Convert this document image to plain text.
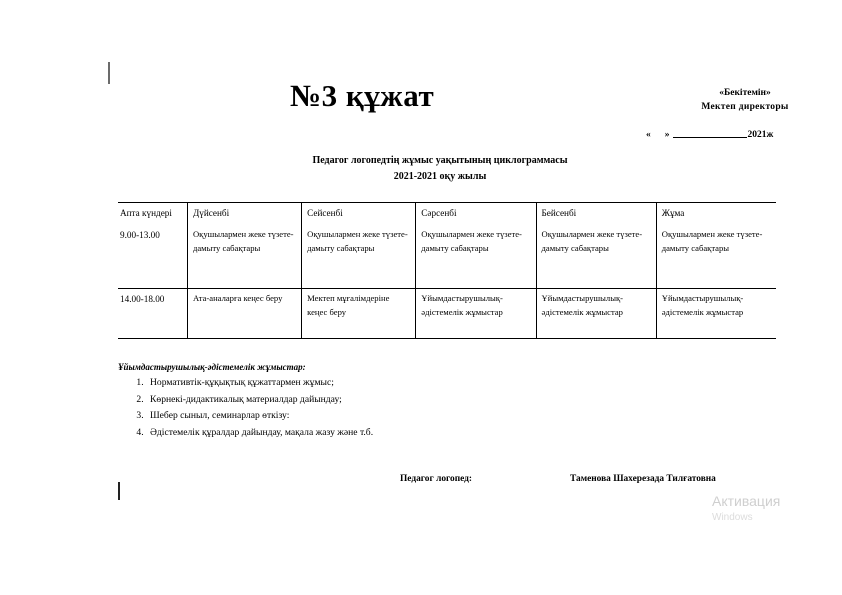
№3 құжат	«Бекітемін»
Мектеп директоры
« »	2021ж
Педагог логопедтің жұмыс уақытының циклограммасы
2021-2021 оқу жылы
Апта күндері	Дүйсенбі	Сейсенбі	Сәрсенбі	Бейсенбі	Жұма
9.00-13.00	Оқушылармен жеке түзете-дамыту сабақтары	Оқушылармен жеке түзете-дамыту сабақтары	Оқушылармен жеке түзете-дамыту сабақтары	Оқушылармен жеке түзете-дамыту сабақтары	Оқушылармен жеке түзете-дамыту сабақтары
14.00-18.00	Ата-аналарға кеңес беру	Мектеп мұғалімдеріне кеңес беру	Ұйымдастырушылық-әдістемелік жұмыстар	Ұйымдастырушылық-әдістемелік жұмыстар	Ұйымдастырушылық-әдістемелік жұмыстар
Ұйымдастырушылық-әдістемелік жұмыстар:
1. Нормативтік-құқықтық құжаттармен жұмыс;
2. Көрнекі-дидактикалық материалдар дайындау;
3. Шебер сыныл, семинарлар өткізу:
4. Әдістемелік құралдар дайындау, мақала жазу және т.б.
Педагог логопед:	Таменова Шахерезада Тилғатовна
Активация
Windows
